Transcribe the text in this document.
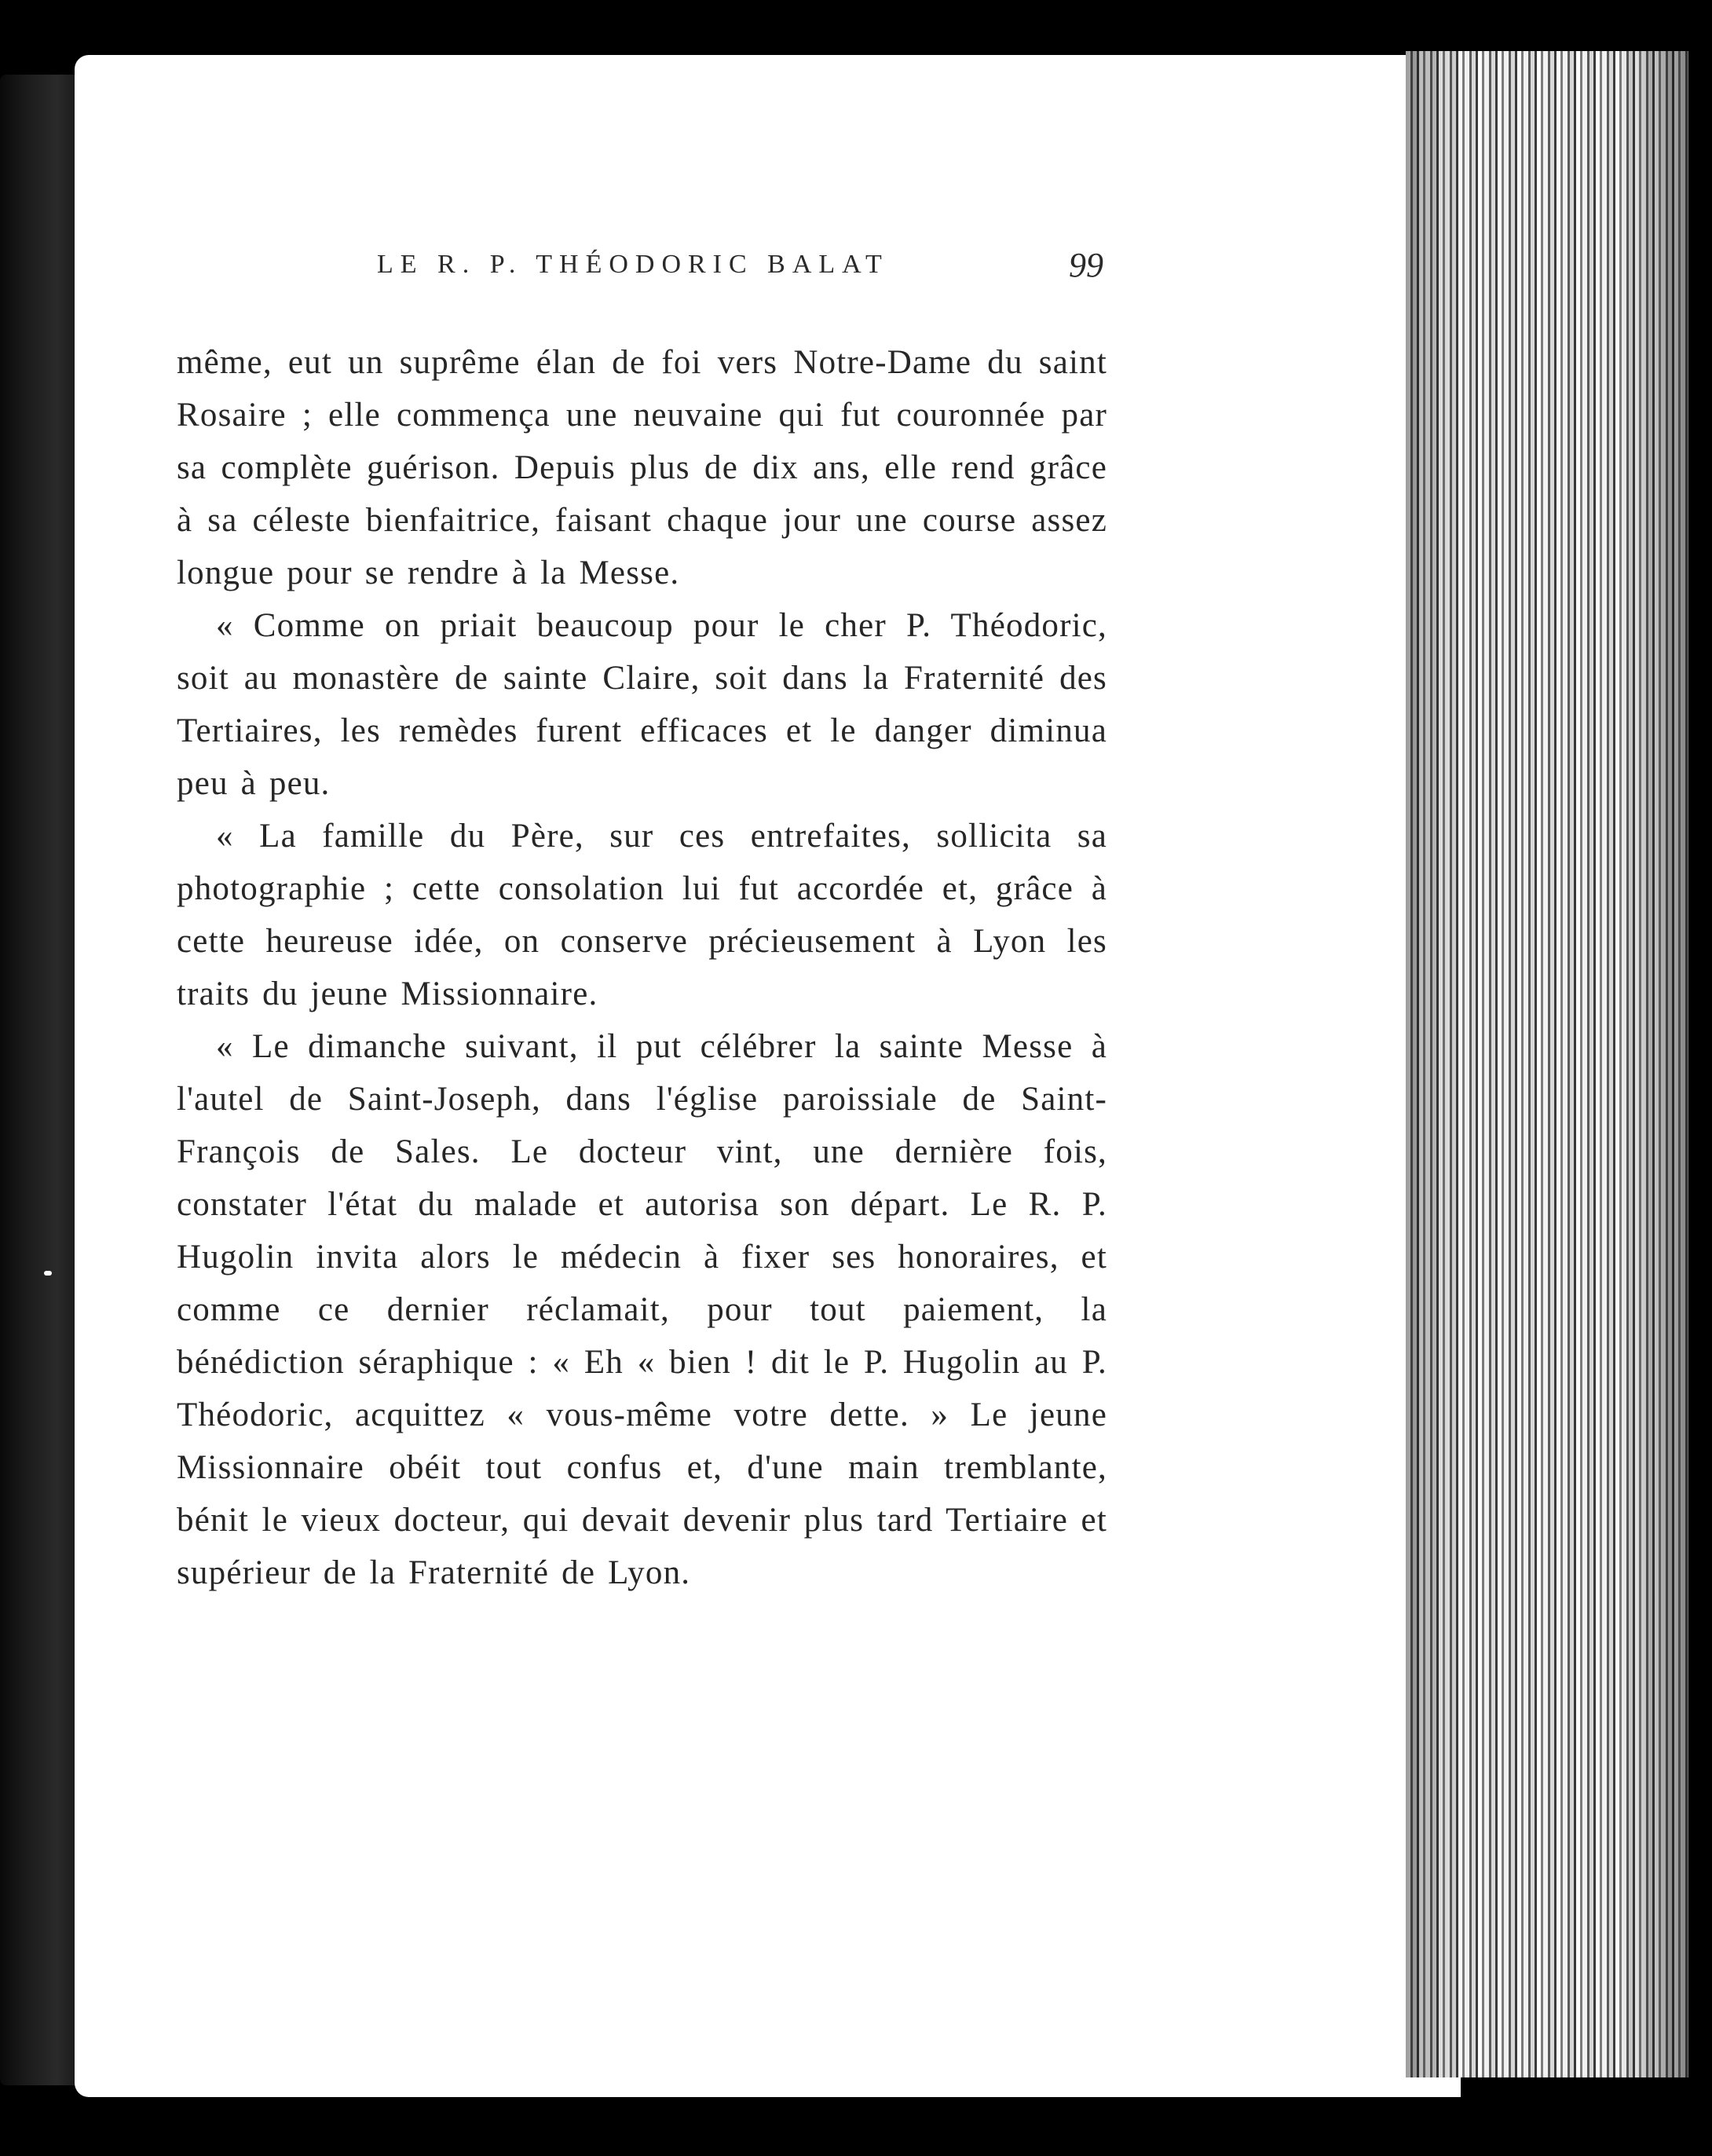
LE R. P. THÉODORIC BALAT	99

même, eut un suprême élan de foi vers Notre-Dame du saint Rosaire ; elle commença une neuvaine qui fut couronnée par sa complète guérison. Depuis plus de dix ans, elle rend grâce à sa céleste bienfaitrice, faisant chaque jour une course assez longue pour se rendre à la Messe.

« Comme on priait beaucoup pour le cher P. Théodoric, soit au monastère de sainte Claire, soit dans la Fraternité des Tertiaires, les remèdes furent efficaces et le danger diminua peu à peu.

« La famille du Père, sur ces entrefaites, sollicita sa photographie ; cette consolation lui fut accordée et, grâce à cette heureuse idée, on conserve précieusement à Lyon les traits du jeune Missionnaire.

« Le dimanche suivant, il put célébrer la sainte Messe à l'autel de Saint-Joseph, dans l'église paroissiale de Saint-François de Sales. Le docteur vint, une dernière fois, constater l'état du malade et autorisa son départ. Le R. P. Hugolin invita alors le médecin à fixer ses honoraires, et comme ce dernier réclamait, pour tout paiement, la bénédiction séraphique : « Eh « bien ! dit le P. Hugolin au P. Théodoric, acquittez « vous-même votre dette. » Le jeune Missionnaire obéit tout confus et, d'une main tremblante, bénit le vieux docteur, qui devait devenir plus tard Tertiaire et supérieur de la Fraternité de Lyon.
